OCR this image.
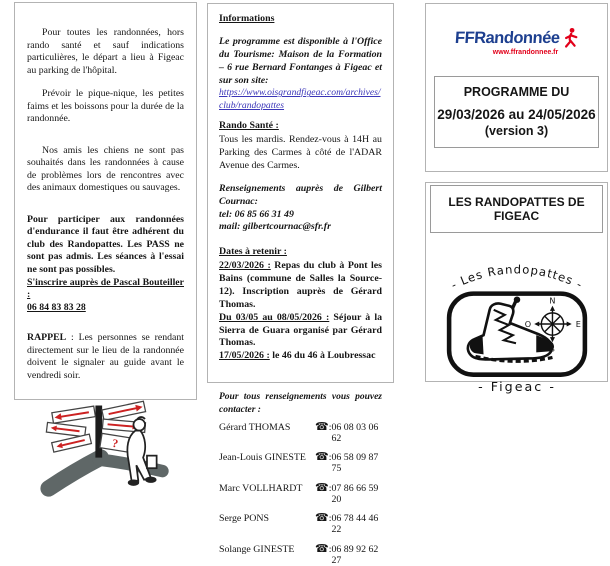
Pour toutes les randonnées, hors rando santé et sauf indications particulières, le départ a lieu à Figeac au parking de l'hôpital.

Prévoir le pique-nique, les petites faims et les boissons pour la durée de la randonnée.

Nos amis les chiens ne sont pas souhaités dans les randonnées à cause de problèmes lors de rencontres avec des animaux domestiques ou sauvages.

Pour participer aux randonnées d'endurance il faut être adhérent du club des Randopattes. Les PASS ne sont pas admis. Les séances à l'essai ne sont pas possibles.

S'inscrire auprès de Pascal Bouteiller :

06 84 83 83 28

RAPPEL : Les personnes se rendant directement sur le lieu de la randonnée doivent le signaler au guide avant le vendredi soir.

?

Informations

Le programme est disponible à l'Office du Tourisme: Maison de la Formation – 6 rue Bernard Fontanges à Figeac et sur son site:

https://www.oisgrandfigeac.com/archives/club/randopattes

Rando Santé :

Tous les mardis. Rendez-vous à 14H au Parking des Carmes à côté de l'ADAR Avenue des Carmes.

Renseignements auprès de Gilbert Cournac:

tel: 06 85 66 31 49

mail: gilbertcournac@sfr.fr

Dates à retenir :

22/03/2026 : Repas du club à Pont les Bains (commune de Salles la Source-12). Inscription auprès de Gérard Thomas.

Du 03/05 au 08/05/2026 : Séjour à la Sierra de Guara organisé par Gérard Thomas.

17/05/2026 : le 46 du 46 à Loubressac

Pour tous renseignements vous pouvez contacter :

Gérard THOMAS	☎ : 06 08 03 06 62
Jean-Louis GINESTE ☎ : 06 58 09 87 75
Marc VOLLHARDT	☎ : 07 86 66 59 20
Serge PONS	☎ : 06 78 44 46 22
Solange GINESTE	☎ : 06 89 92 62 27
FFRandonnée
www.ffrandonnee.fr
PROGRAMME DU
29/03/2026 au 24/05/2026
(version 3)
LES RANDOPATTES DE FIGEAC
- Les Randopattes -
N
E
S
O
- Figeac -
